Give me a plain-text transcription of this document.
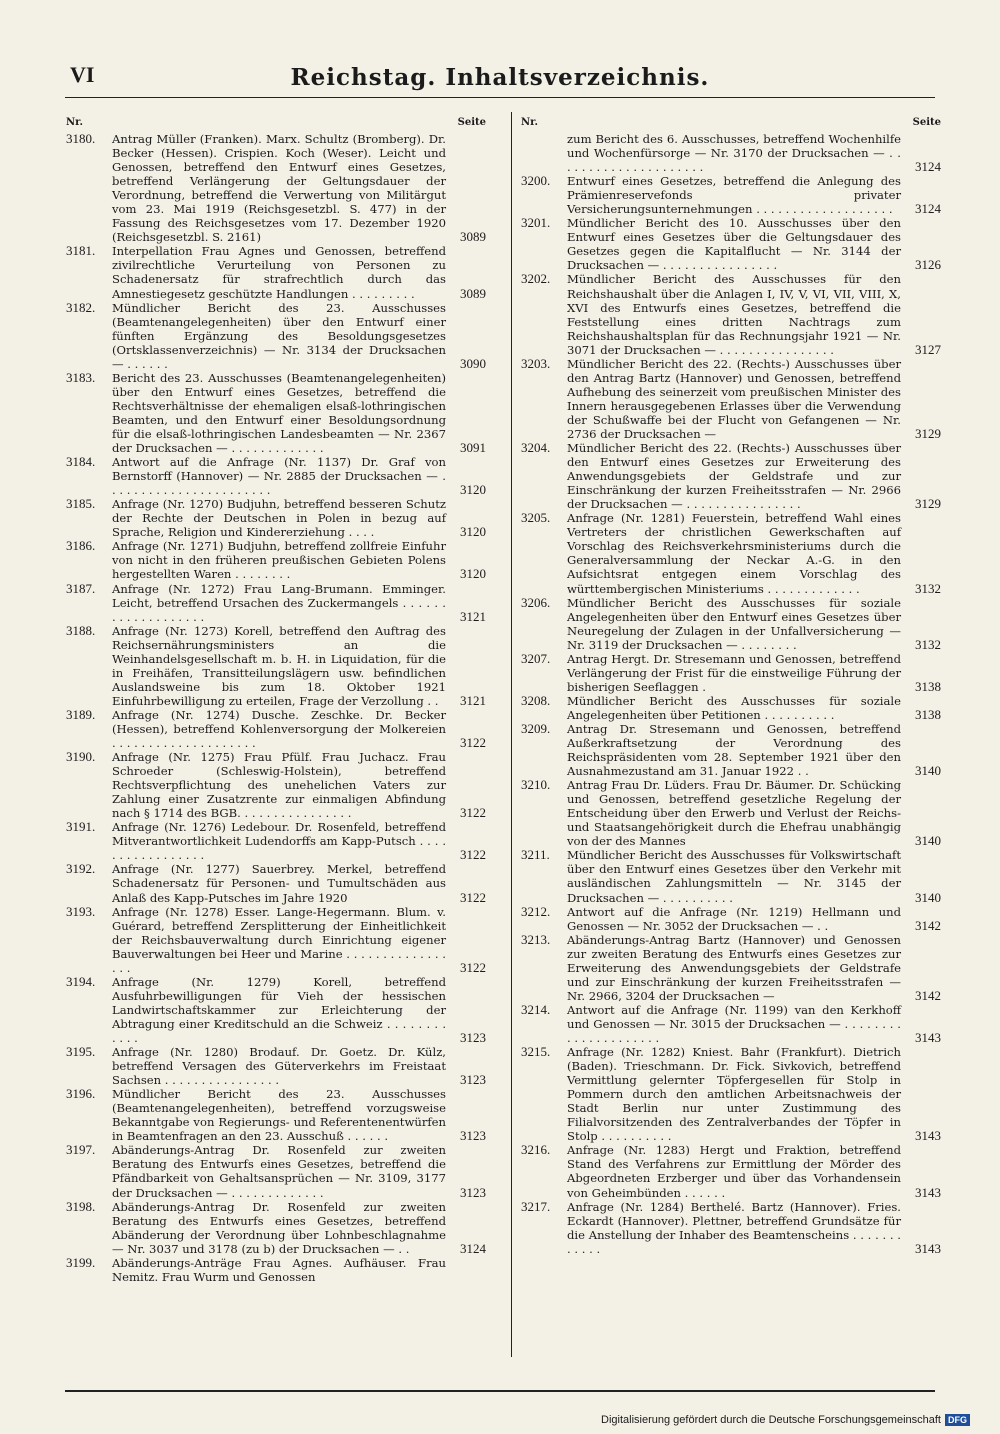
VI	Reichstag. Inhaltsverzeichnis.
Nr.	Seite
3180.	Antrag Müller (Franken). Marx. Schultz (Bromberg). Dr. Becker (Hessen). Crispien. Koch (Weser). Leicht und Genossen, betreffend den Entwurf eines Gesetzes, betreffend Verlängerung der Geltungsdauer der Verordnung, betreffend die Verwertung von Militärgut vom 23. Mai 1919 (Reichsgesetzbl. S. 477) in der Fassung des Reichsgesetzes vom 17. Dezember 1920 (Reichsgesetzbl. S. 2161)	3089
3181.	Interpellation Frau Agnes und Genossen, betreffend zivilrechtliche Verurteilung von Personen zu Schadenersatz für strafrechtlich durch das Amnestiegesetz geschützte Handlungen . . . . . . . . .	3089
3182.	Mündlicher Bericht des 23. Ausschusses (Beamtenangelegenheiten) über den Entwurf einer fünften Ergänzung des Besoldungsgesetzes (Ortsklassenverzeichnis) — Nr. 3134 der Drucksachen — . . . . . .	3090
3183.	Bericht des 23. Ausschusses (Beamtenangelegenheiten) über den Entwurf eines Gesetzes, betreffend die Rechtsverhältnisse der ehemaligen elsaß-lothringischen Beamten, und den Entwurf einer Besoldungsordnung für die elsaß-lothringischen Landesbeamten — Nr. 2367 der Drucksachen — . . . . . . . . . . . . .	3091
3184.	Antwort auf die Anfrage (Nr. 1137) Dr. Graf von Bernstorff (Hannover) — Nr. 2885 der Drucksachen — . . . . . . . . . . . . . . . . . . . . . . .	3120
3185.	Anfrage (Nr. 1270) Budjuhn, betreffend besseren Schutz der Rechte der Deutschen in Polen in bezug auf Sprache, Religion und Kindererziehung . . . .	3120
3186.	Anfrage (Nr. 1271) Budjuhn, betreffend zollfreie Einfuhr von nicht in den früheren preußischen Gebieten Polens hergestellten Waren . . . . . . . .	3120
3187.	Anfrage (Nr. 1272) Frau Lang-Brumann. Emminger. Leicht, betreffend Ursachen des Zuckermangels . . . . . . . . . . . . . . . . . . .	3121
3188.	Anfrage (Nr. 1273) Korell, betreffend den Auftrag des Reichsernährungsministers an die Weinhandelsgesellschaft m. b. H. in Liquidation, für die in Freihäfen, Transitteilungslägern usw. befindlichen Auslandsweine bis zum 18. Oktober 1921 Einfuhrbewilligung zu erteilen, Frage der Verzollung . .	3121
3189.	Anfrage (Nr. 1274) Dusche. Zeschke. Dr. Becker (Hessen), betreffend Kohlenversorgung der Molkereien . . . . . . . . . . . . . . . . . . . .	3122
3190.	Anfrage (Nr. 1275) Frau Pfülf. Frau Juchacz. Frau Schroeder (Schleswig-Holstein), betreffend Rechtsverpflichtung des unehelichen Vaters zur Zahlung einer Zusatzrente zur einmaligen Abfindung nach § 1714 des BGB. . . . . . . . . . . . . . . .	3122
3191.	Anfrage (Nr. 1276) Ledebour. Dr. Rosenfeld, betreffend Mitverantwortlichkeit Ludendorffs am Kapp-Putsch . . . . . . . . . . . . . . . . .	3122
3192.	Anfrage (Nr. 1277) Sauerbrey. Merkel, betreffend Schadenersatz für Personen- und Tumultschäden aus Anlaß des Kapp-Putsches im Jahre 1920	3122
3193.	Anfrage (Nr. 1278) Esser. Lange-Hegermann. Blum. v. Guérard, betreffend Zersplitterung der Einheitlichkeit der Reichsbauverwaltung durch Einrichtung eigener Bauverwaltungen bei Heer und Marine . . . . . . . . . . . . . . . . .	3122
3194.	Anfrage (Nr. 1279) Korell, betreffend Ausfuhrbewilligungen für Vieh der hessischen Landwirtschaftskammer zur Erleichterung der Abtragung einer Kreditschuld an die Schweiz . . . . . . . . . . . .	3123
3195.	Anfrage (Nr. 1280) Brodauf. Dr. Goetz. Dr. Külz, betreffend Versagen des Güterverkehrs im Freistaat Sachsen . . . . . . . . . . . . . . . .	3123
3196.	Mündlicher Bericht des 23. Ausschusses (Beamtenangelegenheiten), betreffend vorzugsweise Bekanntgabe von Regierungs- und Referentenentwürfen in Beamtenfragen an den 23. Ausschuß . . . . . .	3123
3197.	Abänderungs-Antrag Dr. Rosenfeld zur zweiten Beratung des Entwurfs eines Gesetzes, betreffend die Pfändbarkeit von Gehaltsansprüchen — Nr. 3109, 3177 der Drucksachen — . . . . . . . . . . . . .	3123
3198.	Abänderungs-Antrag Dr. Rosenfeld zur zweiten Beratung des Entwurfs eines Gesetzes, betreffend Abänderung der Verordnung über Lohnbeschlagnahme — Nr. 3037 und 3178 (zu b) der Drucksachen — . .	3124
3199.	Abänderungs-Anträge Frau Agnes. Aufhäuser. Frau Nemitz. Frau Wurm und Genossen
Nr.	Seite
zum Bericht des 6. Ausschusses, betreffend Wochenhilfe und Wochenfürsorge — Nr. 3170 der Drucksachen — . . . . . . . . . . . . . . . . . . . . .	3124
3200.	Entwurf eines Gesetzes, betreffend die Anlegung des Prämienreservefonds privater Versicherungsunternehmungen . . . . . . . . . . . . . . . . . . .	3124
3201.	Mündlicher Bericht des 10. Ausschusses über den Entwurf eines Gesetzes über die Geltungsdauer des Gesetzes gegen die Kapitalflucht — Nr. 3144 der Drucksachen — . . . . . . . . . . . . . . . .	3126
3202.	Mündlicher Bericht des Ausschusses für den Reichshaushalt über die Anlagen I, IV, V, VI, VII, VIII, X, XVI des Entwurfs eines Gesetzes, betreffend die Feststellung eines dritten Nachtrags zum Reichshaushaltsplan für das Rechnungsjahr 1921 — Nr. 3071 der Drucksachen — . . . . . . . . . . . . . . . .	3127
3203.	Mündlicher Bericht des 22. (Rechts-) Ausschusses über den Antrag Bartz (Hannover) und Genossen, betreffend Aufhebung des seinerzeit vom preußischen Minister des Innern herausgegebenen Erlasses über die Verwendung der Schußwaffe bei der Flucht von Gefangenen — Nr. 2736 der Drucksachen —	3129
3204.	Mündlicher Bericht des 22. (Rechts-) Ausschusses über den Entwurf eines Gesetzes zur Erweiterung des Anwendungsgebiets der Geldstrafe und zur Einschränkung der kurzen Freiheitsstrafen — Nr. 2966 der Drucksachen — . . . . . . . . . . . . . . . .	3129
3205.	Anfrage (Nr. 1281) Feuerstein, betreffend Wahl eines Vertreters der christlichen Gewerkschaften auf Vorschlag des Reichsverkehrsministeriums durch die Generalversammlung der Neckar A.-G. in den Aufsichtsrat entgegen einem Vorschlag des württembergischen Ministeriums . . . . . . . . . . . . .	3132
3206.	Mündlicher Bericht des Ausschusses für soziale Angelegenheiten über den Entwurf eines Gesetzes über Neuregelung der Zulagen in der Unfallversicherung — Nr. 3119 der Drucksachen — . . . . . . . .	3132
3207.	Antrag Hergt. Dr. Stresemann und Genossen, betreffend Verlängerung der Frist für die einstweilige Führung der bisherigen Seeflaggen .	3138
3208.	Mündlicher Bericht des Ausschusses für soziale Angelegenheiten über Petitionen . . . . . . . . . .	3138
3209.	Antrag Dr. Stresemann und Genossen, betreffend Außerkraftsetzung der Verordnung des Reichspräsidenten vom 28. September 1921 über den Ausnahmezustand am 31. Januar 1922 . .	3140
3210.	Antrag Frau Dr. Lüders. Frau Dr. Bäumer. Dr. Schücking und Genossen, betreffend gesetzliche Regelung der Entscheidung über den Erwerb und Verlust der Reichs- und Staatsangehörigkeit durch die Ehefrau unabhängig von der des Mannes	3140
3211.	Mündlicher Bericht des Ausschusses für Volkswirtschaft über den Entwurf eines Gesetzes über den Verkehr mit ausländischen Zahlungsmitteln — Nr. 3145 der Drucksachen — . . . . . . . . . .	3140
3212.	Antwort auf die Anfrage (Nr. 1219) Hellmann und Genossen — Nr. 3052 der Drucksachen — . .	3142
3213.	Abänderungs-Antrag Bartz (Hannover) und Genossen zur zweiten Beratung des Entwurfs eines Gesetzes zur Erweiterung des Anwendungsgebiets der Geldstrafe und zur Einschränkung der kurzen Freiheitsstrafen — Nr. 2966, 3204 der Drucksachen —	3142
3214.	Antwort auf die Anfrage (Nr. 1199) van den Kerkhoff und Genossen — Nr. 3015 der Drucksachen — . . . . . . . . . . . . . . . . . . . . .	3143
3215.	Anfrage (Nr. 1282) Kniest. Bahr (Frankfurt). Dietrich (Baden). Trieschmann. Dr. Fick. Sivkovich, betreffend Vermittlung gelernter Töpfergesellen für Stolp in Pommern durch den amtlichen Arbeitsnachweis der Stadt Berlin nur unter Zustimmung des Filialvorsitzenden des Zentralverbandes der Töpfer in Stolp . . . . . . . . . .	3143
3216.	Anfrage (Nr. 1283) Hergt und Fraktion, betreffend Stand des Verfahrens zur Ermittlung der Mörder des Abgeordneten Erzberger und über das Vorhandensein von Geheimbünden . . . . . .	3143
3217.	Anfrage (Nr. 1284) Berthelé. Bartz (Hannover). Fries. Eckardt (Hannover). Plettner, betreffend Grundsätze für die Anstellung der Inhaber des Beamtenscheins . . . . . . . . . . . .	3143
Digitalisierung gefördert durch die Deutsche Forschungsgemeinschaft DFG
